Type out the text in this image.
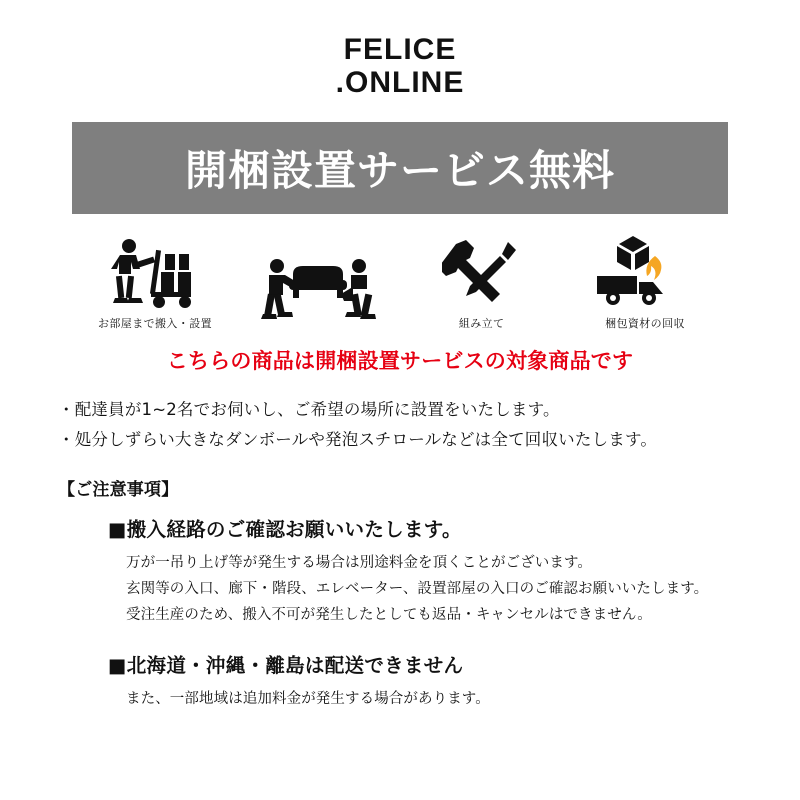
FELICE
.ONLINE
開梱設置サービス無料
お部屋まで搬入・設置	組み立て	梱包資材の回収
こちらの商品は開梱設置サービスの対象商品です
・配達員が1~2名でお伺いし、ご希望の場所に設置をいたします。
・処分しずらい大きなダンボールや発泡スチロールなどは全て回収いたします。
【ご注意事項】
■搬入経路のご確認お願いいたします。
万が一吊り上げ等が発生する場合は別途料金を頂くことがございます。
玄関等の入口、廊下・階段、エレベーター、設置部屋の入口のご確認お願いいたします。
受注生産のため、搬入不可が発生したとしても返品・キャンセルはできません。
■北海道・沖縄・離島は配送できません
また、一部地域は追加料金が発生する場合があります。
